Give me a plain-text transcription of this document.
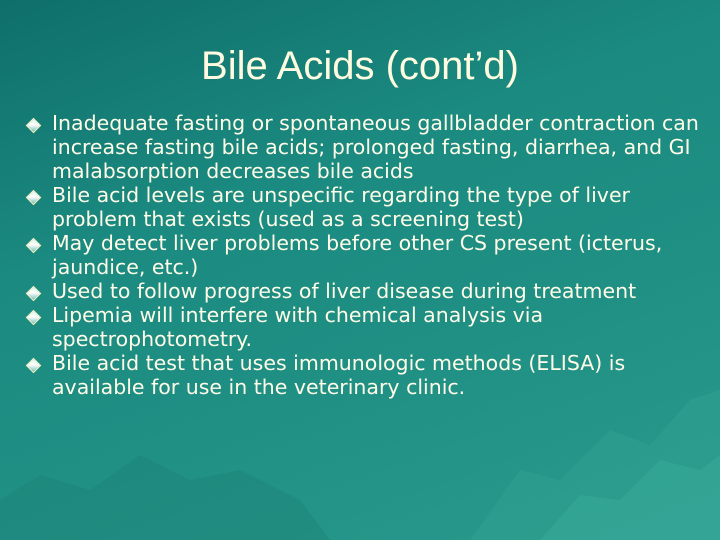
Bile Acids (cont’d)
Inadequate fasting or spontaneous gallbladder contraction can increase fasting bile acids; prolonged fasting, diarrhea, and GI malabsorption decreases bile acids
Bile acid levels are unspecific regarding the type of liver problem that exists (used as a screening test)
May detect liver problems before other CS present (icterus, jaundice, etc.)
Used to follow progress of liver disease during treatment
Lipemia will interfere with chemical analysis via spectrophotometry.
Bile acid test that uses immunologic methods (ELISA) is available for use in the veterinary clinic.
